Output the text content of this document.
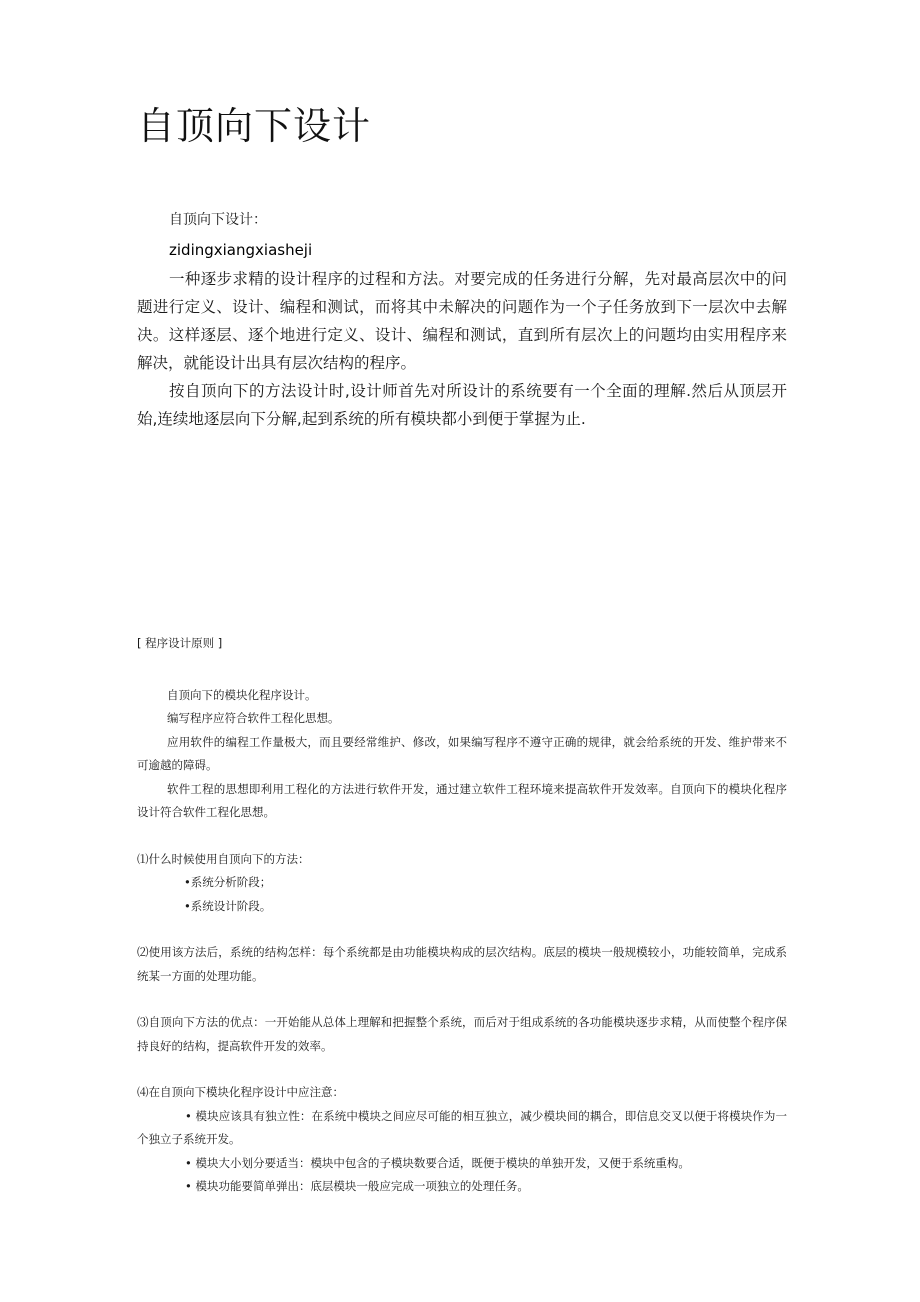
自顶向下设计
自顶向下设计：
zidingxiangxiasheji

一种逐步求精的设计程序的过程和方法。对要完成的任务进行分解，先对最高层次中的问题进行定义、设计、编程和测试，而将其中未解决的问题作为一个子任务放到下一层次中去解决。这样逐层、逐个地进行定义、设计、编程和测试，直到所有层次上的问题均由实用程序来解决，就能设计出具有层次结构的程序。

按自顶向下的方法设计时,设计师首先对所设计的系统要有一个全面的理解.然后从顶层开始,连续地逐层向下分解,起到系统的所有模块都小到便于掌握为止.

[ 程序设计原则 ]

自顶向下的模块化程序设计。

编写程序应符合软件工程化思想。

应用软件的编程工作量极大，而且要经常维护、修改，如果编写程序不遵守正确的规律，就会给系统的开发、维护带来不可逾越的障碍。

软件工程的思想即利用工程化的方法进行软件开发，通过建立软件工程环境来提高软件开发效率。自顶向下的模块化程序设计符合软件工程化思想。

⑴什么时候使用自顶向下的方法：

•系统分析阶段；

•系统设计阶段。

⑵使用该方法后，系统的结构怎样：每个系统都是由功能模块构成的层次结构。底层的模块一般规模较小，功能较简单，完成系统某一方面的处理功能。

⑶自顶向下方法的优点：一开始能从总体上理解和把握整个系统，而后对于组成系统的各功能模块逐步求精，从而使整个程序保持良好的结构，提高软件开发的效率。

⑷在自顶向下模块化程序设计中应注意：

• 模块应该具有独立性：在系统中模块之间应尽可能的相互独立，减少模块间的耦合，即信息交叉以便于将模块作为一个独立子系统开发。

• 模块大小划分要适当：模块中包含的子模块数要合适，既便于模块的单独开发，又便于系统重构。

• 模块功能要简单弹出：底层模块一般应完成一项独立的处理任务。
